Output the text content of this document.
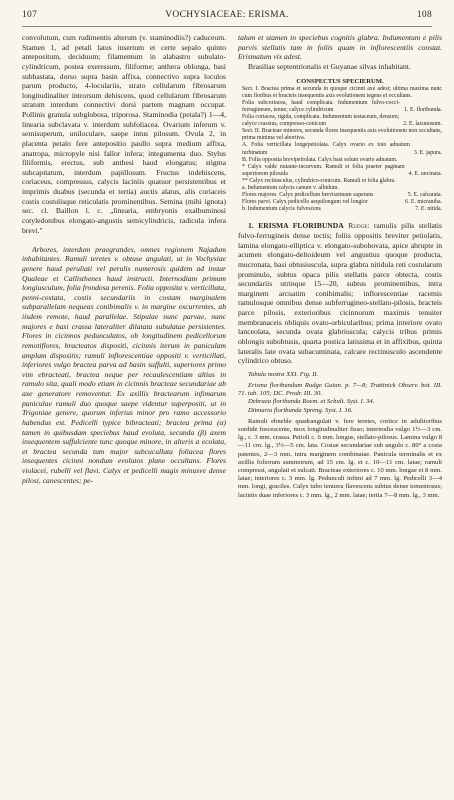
107	VOCHYSIACEAE: ERISMA.	108

convolutum, cum rudimentis alterum (v. staminodiis?) caduceum. Stamen 1, ad petali latus insertum et certe sepalo quinto antepositum, deciduum; filamentum in alabastro subulato-cylindricum, postea exeressum, filiforme; anthera oblonga, basi subhastata, dorso supra basin affixa, connectivo supra loculos parum producto, 4-loculariis, strato cellularum fibrosarum longitudinaliter introrsum dehiscens, quod cellularum fibrosarum stratum interdum connectivi dorsi partem magnam occupat. Pollinis granula subglobosa, triporosa. Staminodia (petala?) 1—4, linearia subclavata v. interdum subfoliacea. Ovarium inferum v. semisuperum, uniloculare, saepe intus pilosum. Ovula 2, in placenta petalo fere antepositio paullo supra medium affixa, anatropa, micropyle nisi fallor infera; integumenta duo. Stylus filiformis, erectus, sub anthesi haud elongatus; stigma subcapitatum, interdum papillosum. Fructus indehiscens, coriaceus, compressus, calycis laciniis quatuor persistentibus et imprimis duabus (secunda et tertia) auctis alatus, alis coriaceis costis costulisque reticulatis prominentibus. Semina (mihi ignota) sec. cl. Baillon l. c. „linearia, embryonis exalbuminosi cotyledonibus elongato-angustis semicylindricis, radicula infera brevi."

Arbores, interdum praegrandes, omnes regionem Najadum inhabitantes. Ramuli teretes v. obtuse angulati, ut in Vochysiae genere haud peruliati vel perulis numerosis quidem ad instar Qualeae et Callisthenes haud instructi. Internodiam primum longiusculum, folia frondosa perenis. Folia opposita v. verticillata, penni-costata, costis secundariis in costam marginalem subparallelam nequeas conibimalis v. in margine excurrentes, ab iisdem remote, haud parallelae. Stipulae nunc parvae, nunc majores e basi crassa lateraliter dilatata subulatae persistentes. Flores in cicinnos pedunculatos, ob longitudinem pedicellorum remotiflores, bracteatos dispositi, cicinnis iterum in paniculam amplam dispositis; ramuli inflorescentiae oppositi v. verticillati, inferiores vulgo bractea parva ad basin suffulti, superiores primo vim ebracteati, bractea neque per recaulescentiam altius in ramulo sita, quali modo etiam in cicinnis bracteae secundariae ab axe generatore removentur. Ex axillis bractearum infimarum paniculae ramuli duo quoque saepe videntur superpositi, ut in Trigoniae genere, quorum inferius minor pro ramo accessorio habendus est. Pedicelli typice bibracteati; bractea prima (α) tamen in quibusdam speciebus haud evoluta, secunda (β) axem insequentem suffulciente tunc quoque minore, in alteris a ecolata, et bractea secunda tum major subcucullata foliacea flores insequentes cicinni nondum evolutos plane occultans. Flores violacei, rubelli vel flavi. Calyx et pedicelli magis minusve dense pilosi, canescentes; pe-

talum et stamen in speciebus cognitis glabra. Indumentum e pilis parvis stellatis tam in foliis quam in inflorescentiis constat. Erismatum vix adest.

Brasiliae septentrionalis et Guyanae silvas inhabitant.

CONSPECTUS SPECIERUM.

Sect. I. Bractea prima et secunda in quoque cicinni axe adest; ultima maxima nunc cum floribus et bracteis insequentis axis evolutionem tegens et occultans.
Folia subcoriacea, haud complicata. Indumentum fulvo-cocci-ferrugineum, tenue; calyce cylindricum	1. E. floribunda.
Folia coriacea, rigida, complicata. Indumentum testaceum, densum; calyce crassius, compresso-conicum	2. E. lacunosum.
Sect. II. Bracteae minores, secunda flores insequentis axis evolutionem non occultans, prima minima vel abortiva.
A. Folia verticillata longepetiolata. Calyx ovario ex toto adnatum turbinatum	3. E. japura.
B. Folia opposita brevipetiolata. Calyx basi solum ovario adnatum.
* Calyx valde nutante-incurvum. Ramuli et folia praeter paginam superiorem pilosula	4. E. uncinata.
** Calyx rectiusculus, cylindrico-conicum. Ramuli et folia glabra.
a. Indumentum calycis canum v. albidum.
Flores majores. Calyx pedicellum brevissimum superans	5. E. calcarata.
Flores parvi. Calyx pedicello aequilongum vel longior	6. E. micrantha.
b. Indumentum calycis fulvescens	7. E. nitida.

1. ERISMA FLORIBUNDA Rudge: ramulis pilis stellatis fulvo-ferrugineis dense tectis; foliis oppositis breviter petiolatis, lamina elongato-elliptica v. elongato-subobovata, apice abrupte in acumen elongato-deltoideum vel angustius quoque producta, mucronata, basi obtusiuscula, supra glabra nitidula reti costularum prominulo, subtus opaca pilis stellatis parce obtecta, costis secundariis utrinque 15—20, subtus prominentibus, intra marginem arcuatim conibimalis; inflorescentiae racemis ramulosque omnibus dense subferrugineo-stellato-pilosis, bracteis parce pilosis, exterioribus cicinnorum maximis tenuiter membranaceis obliquis ovato-orbicularibus; prima interiore ovato lanceolata, secunda ovata glabriuscula; calycis tribus primis oblongis subobtusis, quarta postica latissima et in affixibus, quinta lateralis late ovata subacuminata, calcare rectinusculo ascendente cylindrico obtuso.

Tabula nostra XXI. Fig. II.

Erisma floribundum Rudge Guian. p. 7—8; Trattinick Observ. bot. III. 71. tab. 105; DC. Prodr. III. 30.

Debraea floribunda Roem. et Schult. Syst. I. 34.

Ditmaria floribunda Spreng. Syst. I. 16.

Ramuli ebneble quadrangulati v. fere teretes, cortice in adultioribus sordide fuscescente, mox longitudinaliter fisso; internodia vulgo 1½—3 cm. lg., c. 3 mm. crassa. Petioli c. 6 mm. longus, stellato-pilosus. Lamina vulgo 8—11 cm. lg., 3½—5 cm. lata. Costae secundariae sub angulo c. 80° a costa patentes, 2—3 mm. intra marginem combinatae. Panicula terminalis et ex axillis foliorum summorum, ad 15 cm. lg. et c. 10—11 cm. latae; ramuli compressi, angulati et sulcati. Bracteae exteriores c. 10 mm. longae et 8 mm. latae; interiores c. 3 mm. lg. Pedunculi infimi ad 7 mm. lg. Pedicelli 3—4 mm. longi, graciles. Calyx tubo tenuera flavescens subtus dense tomentosus; laciniis duae inferiores c. 3 mm. lg., 2 mm. latae; tertia 7—8 mm. lg., 3 mm.
